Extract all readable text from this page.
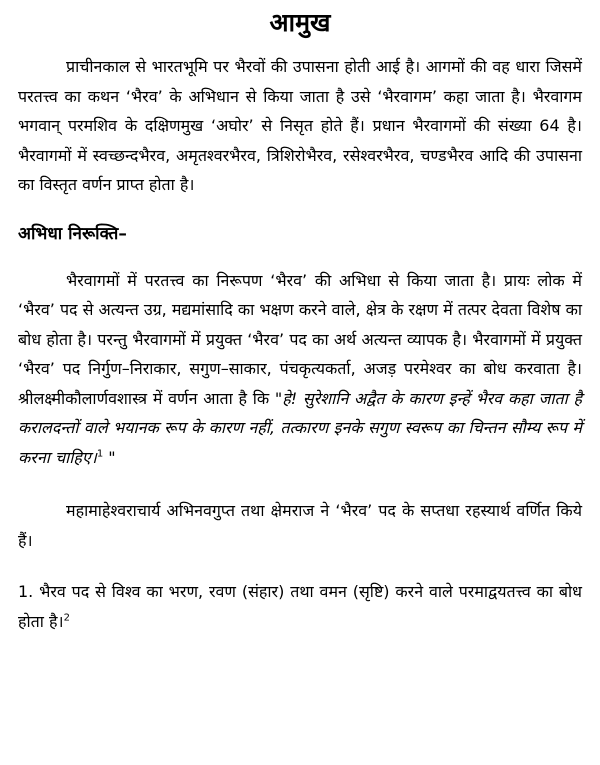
आमुख

प्राचीनकाल से भारतभूमि पर भैरवों की उपासना होती आई है। आगमों की वह धारा जिसमें परतत्त्व का कथन ‘भैरव’ के अभिधान से किया जाता है उसे ‘भैरवागम’ कहा जाता है। भैरवागम भगवान् परमशिव के दक्षिणमुख ‘अघोर’ से निसृत होते हैं। प्रधान भैरवागमों की संख्या 64 है। भैरवागमों में स्वच्छन्दभैरव, अमृतश्वरभैरव, त्रिशिरोभैरव, रसेश्वरभैरव, चण्डभैरव आदि की उपासना का विस्तृत वर्णन प्राप्त होता है।

अभिधा निरूक्ति–

भैरवागमों में परतत्त्व का निरूपण ‘भैरव’ की अभिधा से किया जाता है। प्रायः लोक में ‘भैरव’ पद से अत्यन्त उग्र, मद्यमांसादि का भक्षण करने वाले, क्षेत्र के रक्षण में तत्पर देवता विशेष का बोध होता है। परन्तु भैरवागमों में प्रयुक्त ‘भैरव’ पद का अर्थ अत्यन्त व्यापक है। भैरवागमों में प्रयुक्त ‘भैरव’ पद निर्गुण–निराकार, सगुण–साकार, पंचकृत्यकर्ता, अजड़ परमेश्वर का बोध करवाता है। श्रीलक्ष्मीकौलार्णवशास्त्र में वर्णन आता है कि "हे! सुरेशानि अद्वैत के कारण इन्हें भैरव कहा जाता है करालदन्तों वाले भयानक रूप के कारण नहीं, तत्कारण इनके सगुण स्वरूप का चिन्तन सौम्य रूप में करना चाहिए।$^1$ "

महामाहेश्वराचार्य अभिनवगुप्त तथा क्षेमराज ने ‘भैरव’ पद के सप्तधा रहस्यार्थ वर्णित किये हैं।

1. भैरव पद से विश्व का भरण, रवण (संहार) तथा वमन (सृष्टि) करने वाले परमाद्वयतत्त्व का बोध होता है।$^2$
